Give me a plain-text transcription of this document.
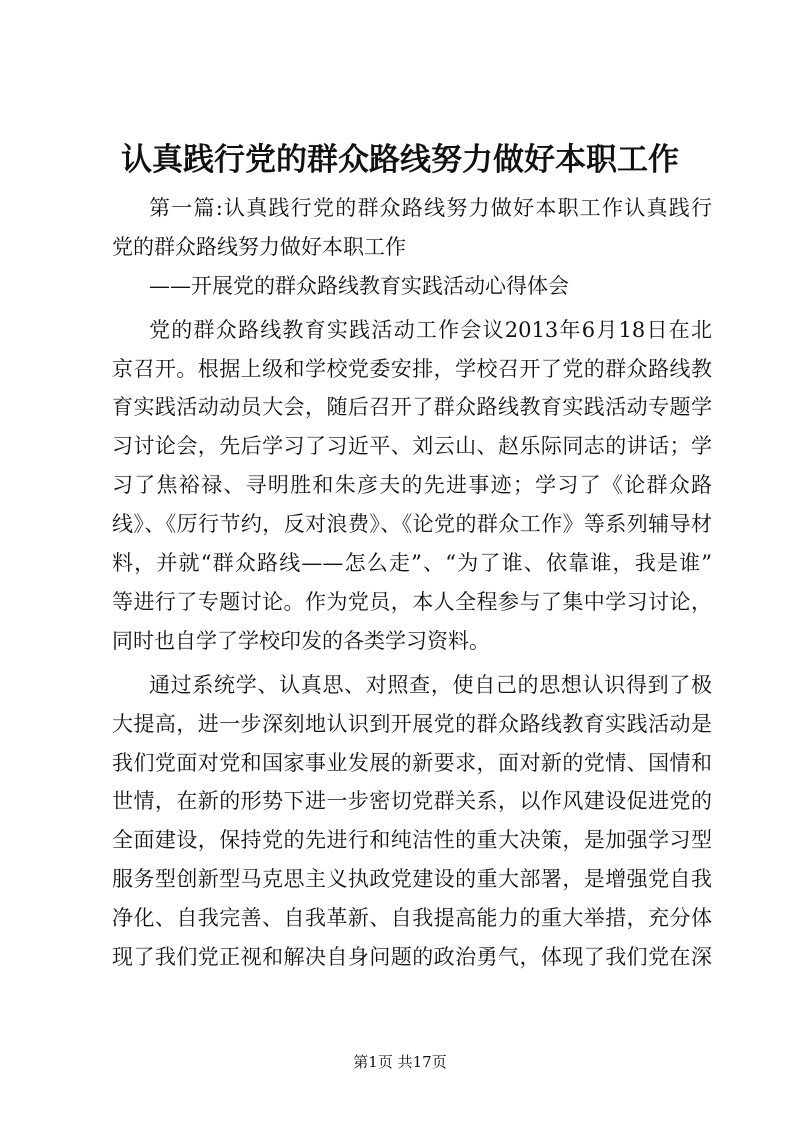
认真践行党的群众路线努力做好本职工作
第一篇:认真践行党的群众路线努力做好本职工作认真践行
党的群众路线努力做好本职工作
——开展党的群众路线教育实践活动心得体会
党的群众路线教育实践活动工作会议2013年6月18日在北
京召开。根据上级和学校党委安排，学校召开了党的群众路线教
育实践活动动员大会，随后召开了群众路线教育实践活动专题学
习讨论会，先后学习了习近平、刘云山、赵乐际同志的讲话；学
习了焦裕禄、寻明胜和朱彦夫的先进事迹；学习了《论群众路
线》、《厉行节约，反对浪费》、《论党的群众工作》等系列辅导材
料，并就“群众路线——怎么走”、“为了谁、依靠谁，我是谁”
等进行了专题讨论。作为党员，本人全程参与了集中学习讨论，
同时也自学了学校印发的各类学习资料。
通过系统学、认真思、对照查，使自己的思想认识得到了极
大提高，进一步深刻地认识到开展党的群众路线教育实践活动是
我们党面对党和国家事业发展的新要求，面对新的党情、国情和
世情，在新的形势下进一步密切党群关系，以作风建设促进党的
全面建设，保持党的先进行和纯洁性的重大决策，是加强学习型
服务型创新型马克思主义执政党建设的重大部署，是增强党自我
净化、自我完善、自我革新、自我提高能力的重大举措，充分体
现了我们党正视和解决自身问题的政治勇气，体现了我们党在深
第1页 共17页
